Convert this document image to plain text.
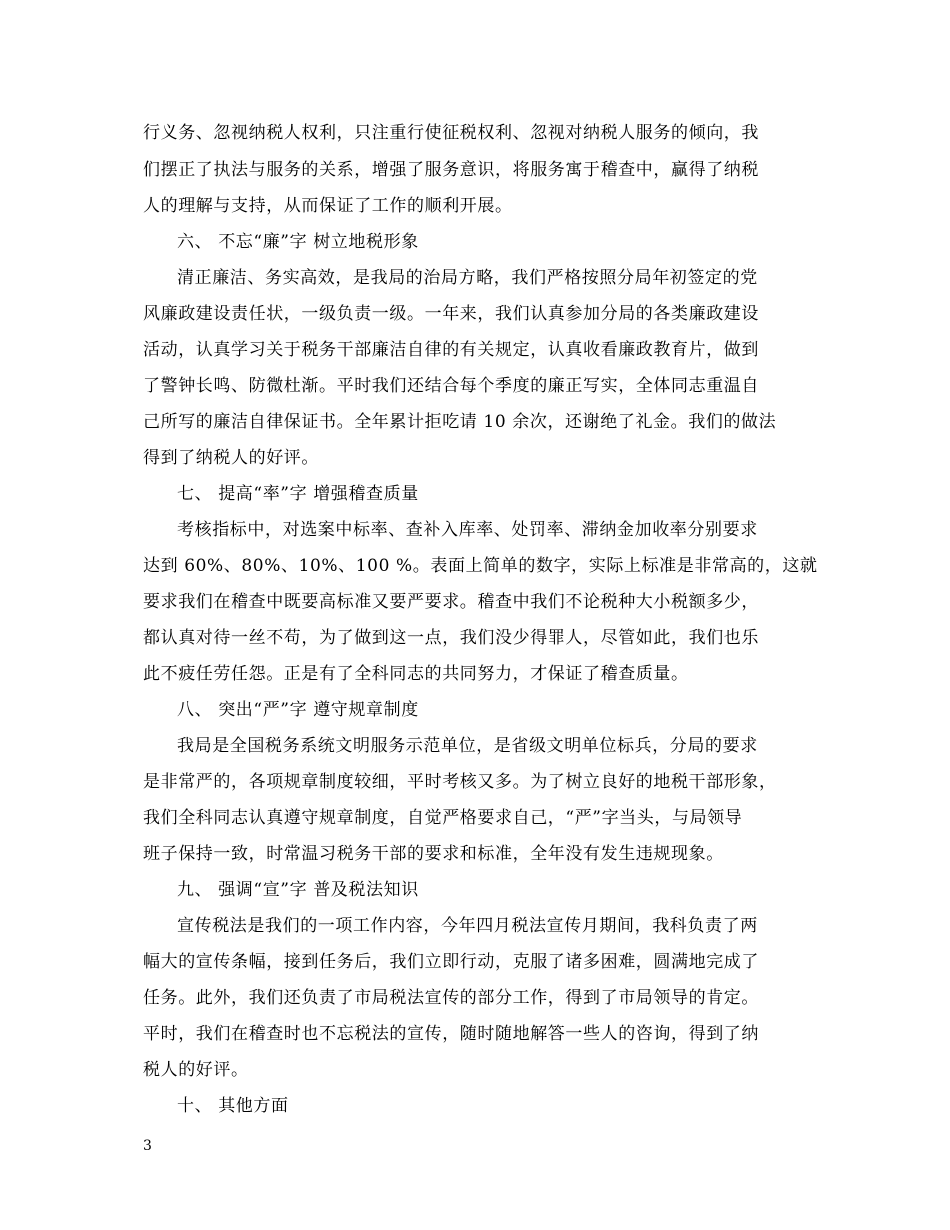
行义务、忽视纳税人权利，只注重行使征税权利、忽视对纳税人服务的倾向，我
们摆正了执法与服务的关系，增强了服务意识，将服务寓于稽查中，赢得了纳税
人的理解与支持，从而保证了工作的顺利开展。
六、 不忘“廉”字 树立地税形象
清正廉洁、务实高效，是我局的治局方略，我们严格按照分局年初签定的党
风廉政建设责任状，一级负责一级。一年来，我们认真参加分局的各类廉政建设
活动，认真学习关于税务干部廉洁自律的有关规定，认真收看廉政教育片，做到
了警钟长鸣、防微杜渐。平时我们还结合每个季度的廉正写实，全体同志重温自
己所写的廉洁自律保证书。全年累计拒吃请 10 余次，还谢绝了礼金。我们的做法
得到了纳税人的好评。
七、 提高“率”字 增强稽查质量
考核指标中，对选案中标率、查补入库率、处罚率、滞纳金加收率分别要求
达到 60%、80%、10%、100 %。表面上简单的数字，实际上标准是非常高的，这就
要求我们在稽查中既要高标准又要严要求。稽查中我们不论税种大小税额多少，
都认真对待一丝不苟，为了做到这一点，我们没少得罪人，尽管如此，我们也乐
此不疲任劳任怨。正是有了全科同志的共同努力，才保证了稽查质量。
八、 突出“严”字 遵守规章制度
我局是全国税务系统文明服务示范单位，是省级文明单位标兵，分局的要求
是非常严的，各项规章制度较细，平时考核又多。为了树立良好的地税干部形象，
我们全科同志认真遵守规章制度，自觉严格要求自己，“严”字当头，与局领导
班子保持一致，时常温习税务干部的要求和标准，全年没有发生违规现象。
九、 强调“宣”字 普及税法知识
宣传税法是我们的一项工作内容，今年四月税法宣传月期间，我科负责了两
幅大的宣传条幅，接到任务后，我们立即行动，克服了诸多困难，圆满地完成了
任务。此外，我们还负责了市局税法宣传的部分工作，得到了市局领导的肯定。
平时，我们在稽查时也不忘税法的宣传，随时随地解答一些人的咨询，得到了纳
税人的好评。
十、 其他方面
3
